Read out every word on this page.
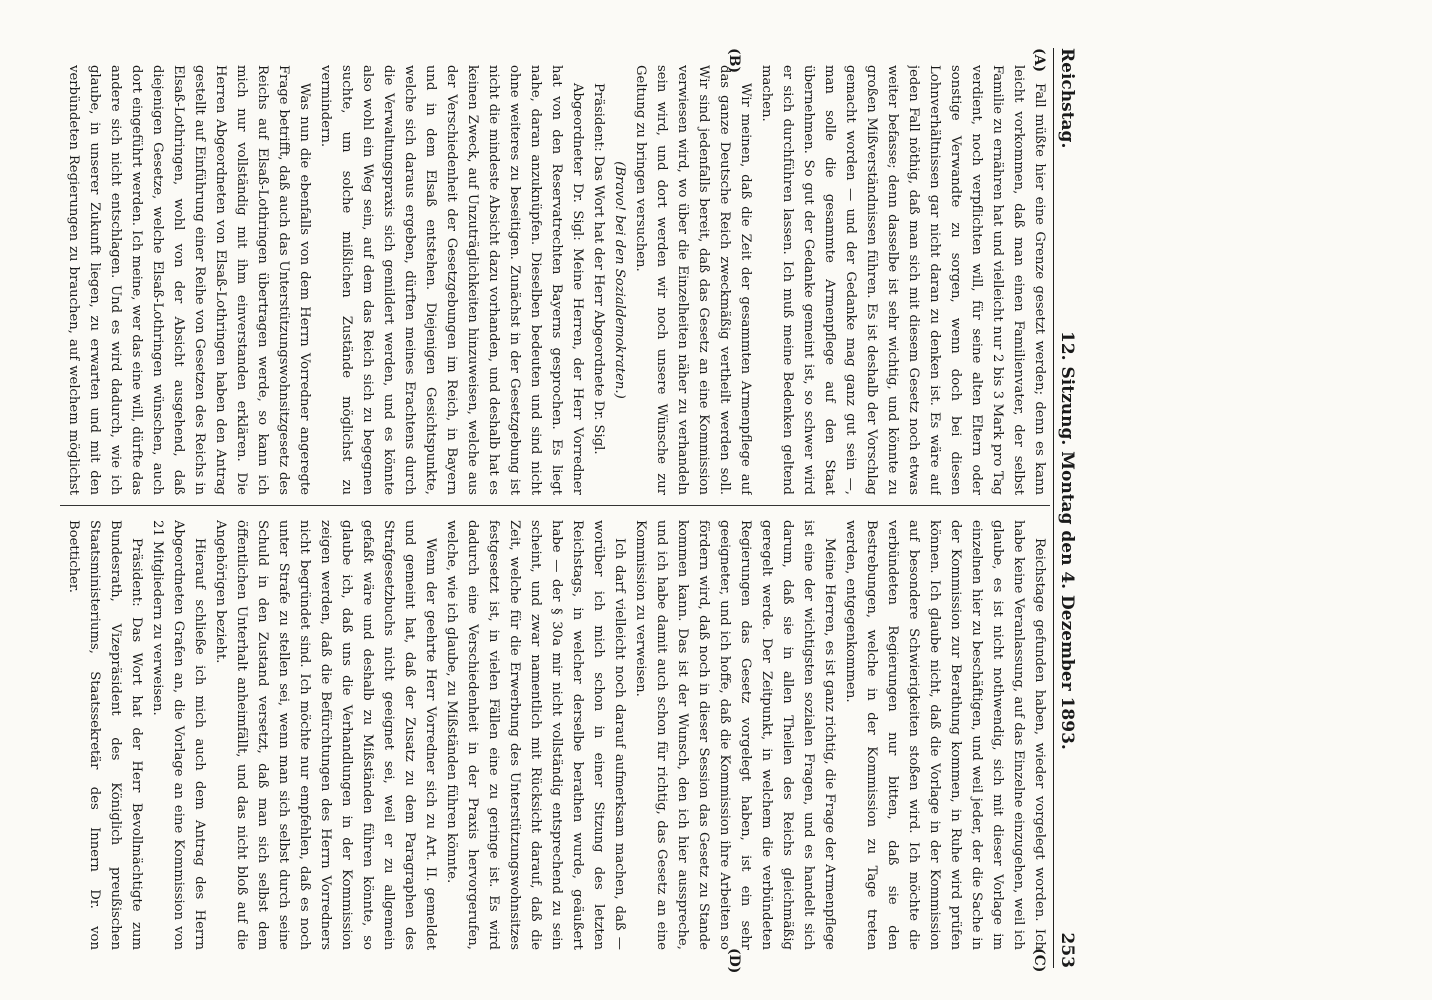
Reichstag.
12. Sitzung. Montag den 4. Dezember 1893.
253
(A)
(B)
(C)
(D)

Fall müßte hier eine Grenze gesetzt werden; denn es kann leicht vorkommen, daß man einen Familienvater, der selbst Familie zu ernähren hat und vielleicht nur 2 bis 3 Mark pro Tag verdient, noch verpflichten will, für seine alten Eltern oder sonstige Verwandte zu sorgen, wenn doch bei diesen Lohnverhältnissen gar nicht daran zu denken ist. Es wäre auf jeden Fall nöthig, daß man sich mit diesem Gesetz noch etwas weiter befasse; denn dasselbe ist sehr wichtig, und könnte zu großen Mißverständnissen führen. Es ist deshalb der Vorschlag gemacht worden — und der Gedanke mag ganz gut sein —, man solle die gesammte Armenpflege auf den Staat übernehmen. So gut der Gedanke gemeint ist, so schwer wird er sich durchführen lassen. Ich muß meine Bedenken geltend machen.

Wir meinen, daß die Zeit der gesammten Armenpflege auf das ganze Deutsche Reich zweckmäßig vertheilt werden soll. Wir sind jedenfalls bereit, daß das Gesetz an eine Kommission verwiesen wird, wo über die Einzelheiten näher zu verhandeln sein wird, und dort werden wir noch unsere Wünsche zur Geltung zu bringen versuchen.

(Bravo! bei den Sozialdemokraten.)

Präsident: Das Wort hat der Herr Abgeordnete Dr. Sigl.

Abgeordneter Dr. Sigl: Meine Herren, der Herr Vorredner hat von den Reservatrechten Bayerns gesprochen. Es liegt nahe, daran anzuknüpfen. Dieselben bedeuten und sind nicht ohne weiteres zu beseitigen. Zunächst in der Gesetzgebung ist nicht die mindeste Absicht dazu vorhanden, und deshalb hat es keinen Zweck, auf Unzuträglichkeiten hinzuweisen, welche aus der Verschiedenheit der Gesetzgebungen im Reich, in Bayern und in dem Elsaß entstehen. Diejenigen Gesichtspunkte, welche sich daraus ergeben, dürften meines Erachtens durch die Verwaltungspraxis sich gemildert werden, und es könnte also wohl ein Weg sein, auf dem das Reich sich zu begegnen suchte, um solche mißlichen Zustände möglichst zu vermindern.

Was nun die ebenfalls von dem Herrn Vorredner angeregte Frage betrifft, daß auch das Unterstützungswohnsitzgesetz des Reichs auf Elsaß-Lothringen übertragen werde, so kann ich mich nur vollständig mit ihm einverstanden erklären. Die Herren Abgeordneten von Elsaß-Lothringen haben den Antrag gestellt auf Einführung einer Reihe von Gesetzen des Reichs in Elsaß-Lothringen, wohl von der Absicht ausgehend, daß diejenigen Gesetze, welche Elsaß-Lothringen wünschen, auch dort eingeführt werden. Ich meine, wer das eine will, dürfte das andere sich nicht entschlagen. Und es wird dadurch, wie ich glaube, in unserer Zukunft liegen, zu erwarten und mit den verbündeten Regierungen zu brauchen, auf welchem möglichst

Reichstage gefunden haben, wieder vorgelegt worden. Ich habe keine Veranlassung, auf das Einzelne einzugehen, weil ich glaube, es ist nicht nothwendig, sich mit dieser Vorlage im einzelnen hier zu beschäftigen, und weil jeder, der die Sache in der Kommission zur Berathung kommen, in Ruhe wird prüfen können. Ich glaube nicht, daß die Vorlage in der Kommission auf besondere Schwierigkeiten stoßen wird. Ich möchte die verbündeten Regierungen nur bitten, daß sie den Bestrebungen, welche in der Kommission zu Tage treten werden, entgegenkommen.

Meine Herren, es ist ganz richtig, die Frage der Armenpflege ist eine der wichtigsten sozialen Fragen, und es handelt sich darum, daß sie in allen Theilen des Reichs gleichmäßig geregelt werde. Der Zeitpunkt, in welchem die verbündeten Regierungen das Gesetz vorgelegt haben, ist ein sehr geeigneter, und ich hoffe, daß die Kommission ihre Arbeiten so fördern wird, daß noch in dieser Session das Gesetz zu Stande kommen kann. Das ist der Wunsch, den ich hier ausspreche, und ich habe damit auch schon für richtig, das Gesetz an eine Kommission zu verweisen.

Ich darf vielleicht noch darauf aufmerksam machen, daß — worüber ich mich schon in einer Sitzung des letzten Reichstags, in welcher derselbe berathen wurde, geäußert habe — der § 30a mir nicht vollständig entsprechend zu sein scheint, und zwar namentlich mit Rücksicht darauf, daß die Zeit, welche für die Erwerbung des Unterstützungswohnsitzes festgesetzt ist, in vielen Fällen eine zu geringe ist. Es wird dadurch eine Verschiedenheit in der Praxis hervorgerufen, welche, wie ich glaube, zu Mißständen führen könnte.

Wenn der geehrte Herr Vorredner sich zu Art. II. gemeldet und gemeint hat, daß der Zusatz zu dem Paragraphen des Strafgesetzbuchs nicht geeignet sei, weil er zu allgemein gefaßt wäre und deshalb zu Mißständen führen könnte, so glaube ich, daß uns die Verhandlungen in der Kommission zeigen werden, daß die Befürchtungen des Herrn Vorredners nicht begründet sind. Ich möchte nur empfehlen, daß es noch unter Strafe zu stellen sei, wenn man sich selbst durch seine Schuld in den Zustand versetzt, daß man sich selbst dem öffentlichen Unterhalt anheimfällt, und das nicht bloß auf die Angehörigen bezieht.

Hierauf schließe ich mich auch dem Antrag des Herrn Abgeordneten Grafen an, die Vorlage an eine Kommission von 21 Mitgliedern zu verweisen.

Präsident: Das Wort hat der Herr Bevollmächtigte zum Bundesrath, Vizepräsident des Königlich preußischen Staatsministeriums, Staatssekretär des Innern Dr. von Boetticher.
